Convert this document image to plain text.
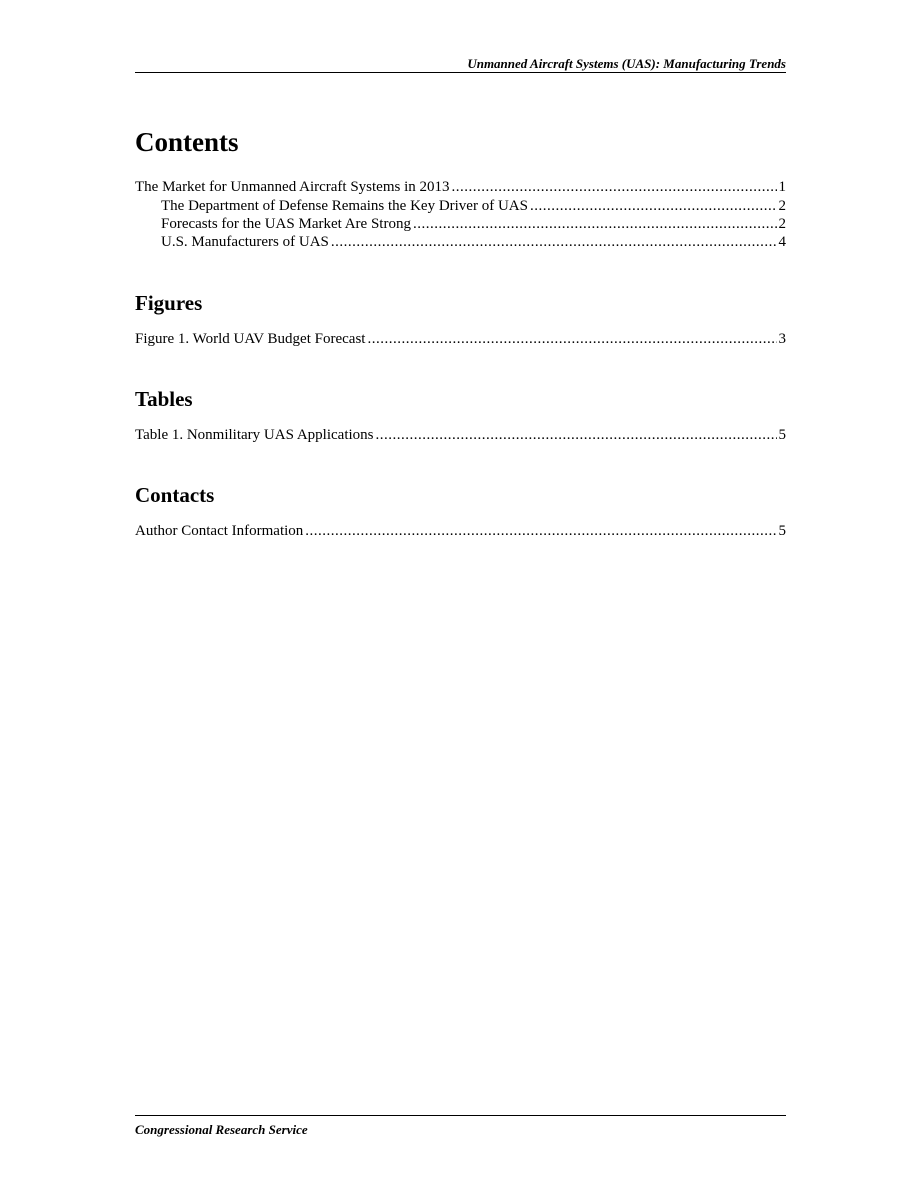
Unmanned Aircraft Systems (UAS): Manufacturing Trends
Contents
The Market for Unmanned Aircraft Systems in 2013 .....	1
The Department of Defense Remains the Key Driver of UAS .....	2
Forecasts for the UAS Market Are Strong .....	2
U.S. Manufacturers of UAS .....	4
Figures
Figure 1. World UAV Budget Forecast .....	3
Tables
Table 1. Nonmilitary UAS Applications .....	5
Contacts
Author Contact Information .....	5
Congressional Research Service
